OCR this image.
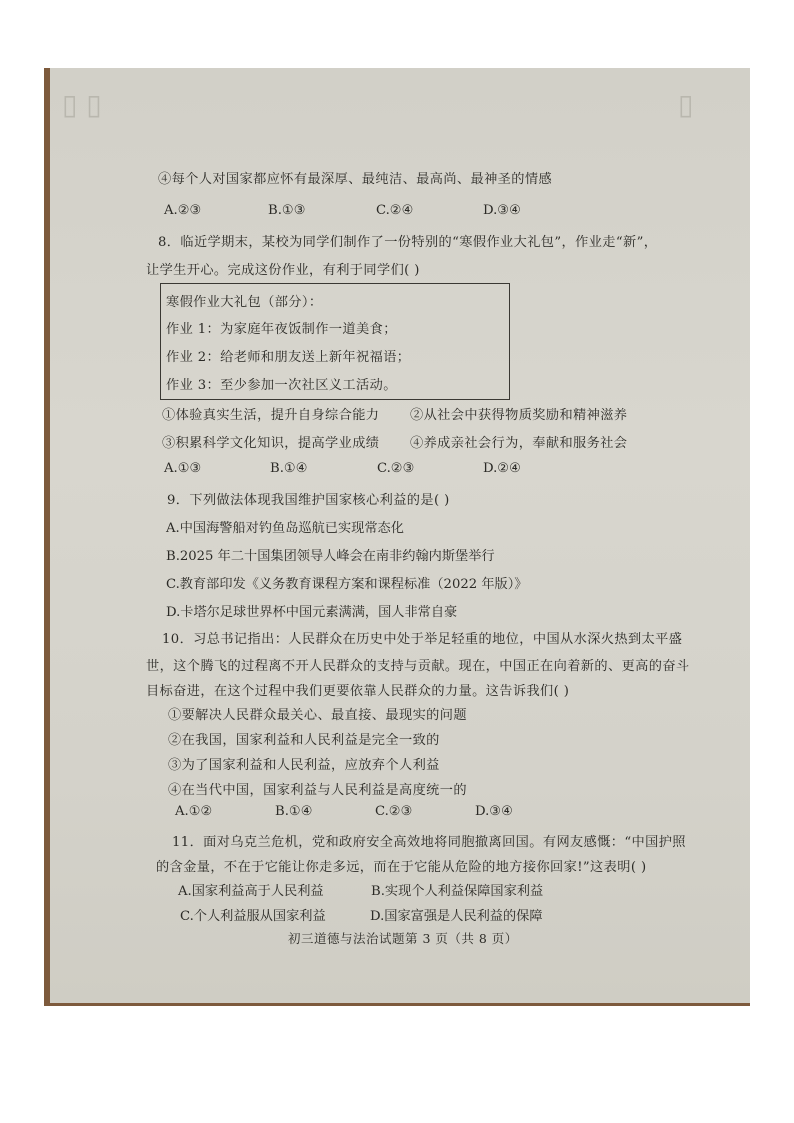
▯ ▯	▯
④每个人对国家都应怀有最深厚、最纯洁、最高尚、最神圣的情感
A.②③	B.①③	C.②④	D.③④
8．临近学期末，某校为同学们制作了一份特别的“寒假作业大礼包”，作业走“新”，
让学生开心。完成这份作业，有利于同学们( )
寒假作业大礼包（部分）：
作业 1：为家庭年夜饭制作一道美食；
作业 2：给老师和朋友送上新年祝福语；
作业 3：至少参加一次社区义工活动。
①体验真实生活，提升自身综合能力 ②从社会中获得物质奖励和精神滋养
③积累科学文化知识，提高学业成绩 ④养成亲社会行为，奉献和服务社会
A.①③	B.①④	C.②③	D.②④
9．下列做法体现我国维护国家核心利益的是( )
A.中国海警船对钓鱼岛巡航已实现常态化
B.2025 年二十国集团领导人峰会在南非约翰内斯堡举行
C.教育部印发《义务教育课程方案和课程标准（2022 年版）》
D.卡塔尔足球世界杯中国元素满满，国人非常自豪
10．习总书记指出：人民群众在历史中处于举足轻重的地位，中国从水深火热到太平盛
世，这个腾飞的过程离不开人民群众的支持与贡献。现在，中国正在向着新的、更高的奋斗
目标奋进，在这个过程中我们更要依靠人民群众的力量。这告诉我们( )
①要解决人民群众最关心、最直接、最现实的问题
②在我国，国家利益和人民利益是完全一致的
③为了国家利益和人民利益，应放弃个人利益
④在当代中国，国家利益与人民利益是高度统一的
A.①②	B.①④	C.②③	D.③④
11．面对乌克兰危机，党和政府安全高效地将同胞撤离回国。有网友感慨：“中国护照
的含金量，不在于它能让你走多远，而在于它能从危险的地方接你回家!”这表明( )
A.国家利益高于人民利益	B.实现个人利益保障国家利益
C.个人利益服从国家利益	D.国家富强是人民利益的保障
初三道德与法治试题第 3 页（共 8 页）
